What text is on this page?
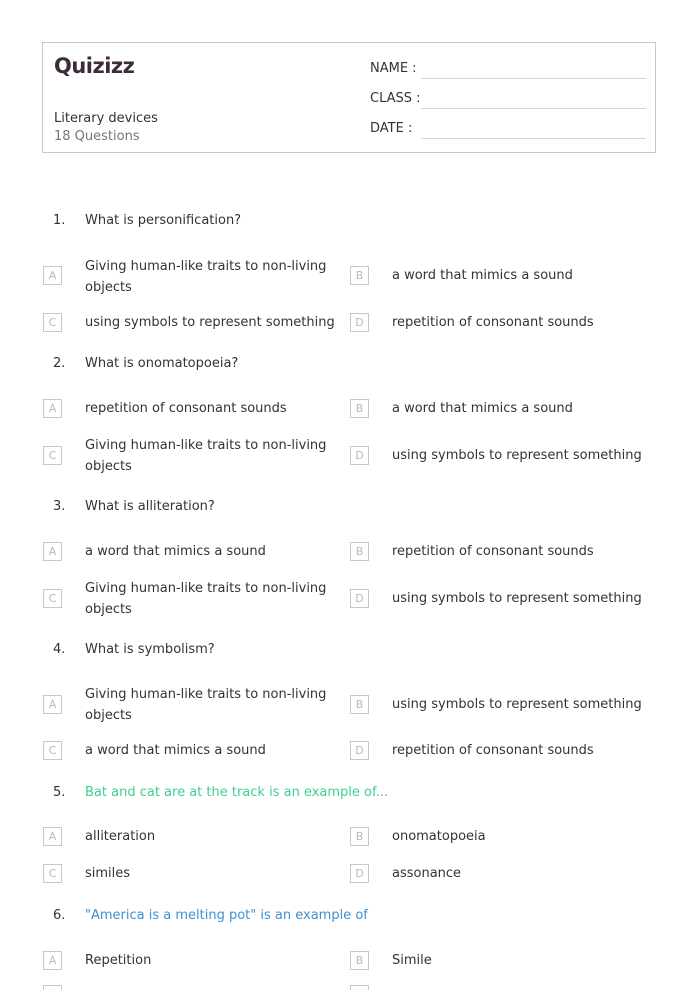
Quizizz
Literary devices
18 Questions
NAME :
CLASS :
DATE :
1. What is personification?
A
Giving human-like traits to non-living objects
B	a word that mimics a sound
C	using symbols to represent something	D	repetition of consonant sounds
2. What is onomatopoeia?
A	repetition of consonant sounds	B	a word that mimics a sound
C
Giving human-like traits to non-living objects
D	using symbols to represent something
3. What is alliteration?
A	a word that mimics a sound	B	repetition of consonant sounds
C
Giving human-like traits to non-living objects
D	using symbols to represent something
4. What is symbolism?
A
Giving human-like traits to non-living objects
B	using symbols to represent something
C	a word that mimics a sound	D	repetition of consonant sounds
5. Bat and cat are at the track is an example of...
A	alliteration	B	onomatopoeia
C	similes	D	assonance
6. "America is a melting pot" is an example of
A	Repetition	B	Simile
